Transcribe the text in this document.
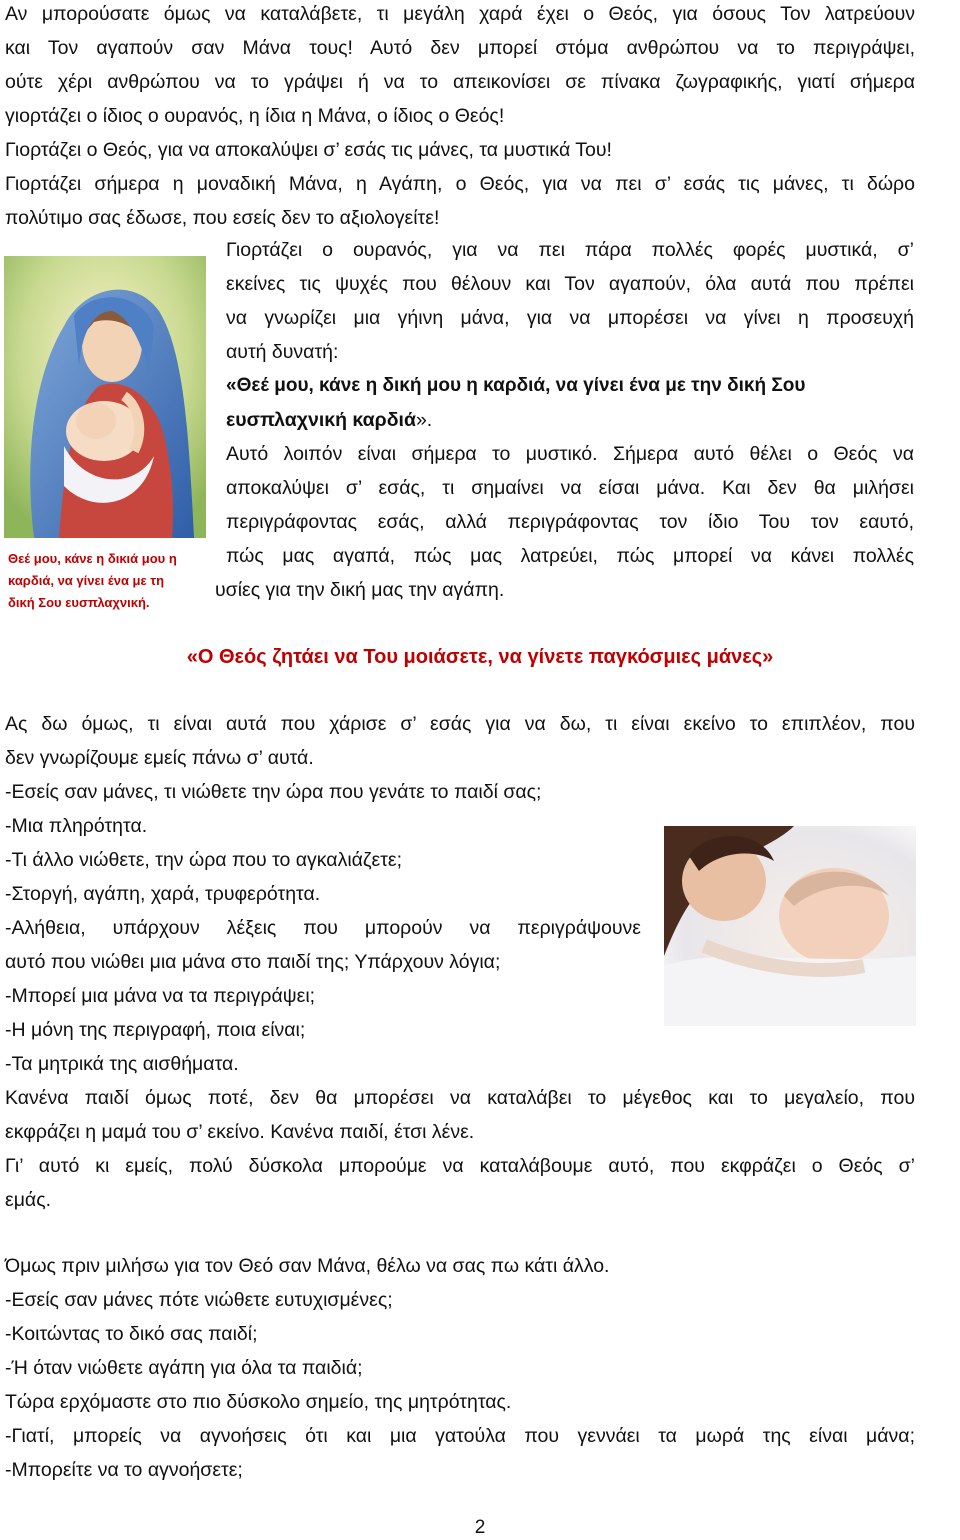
Αν μπορούσατε όμως να καταλάβετε, τι μεγάλη χαρά έχει ο Θεός, για όσους Τον λατρεύουν
και Τον αγαπούν σαν Μάνα τους! Αυτό δεν μπορεί στόμα ανθρώπου να το περιγράψει,
ούτε χέρι ανθρώπου να το γράψει ή να το απεικονίσει σε πίνακα ζωγραφικής, γιατί σήμερα
γιορτάζει ο ίδιος ο ουρανός, η ίδια η Μάνα, ο ίδιος ο Θεός!
Γιορτάζει ο Θεός, για να αποκαλύψει σ’ εσάς τις μάνες, τα μυστικά Του!
Γιορτάζει σήμερα η μοναδική Μάνα, η Αγάπη, ο Θεός, για να πει σ’ εσάς τις μάνες, τι δώρο
πολύτιμο σας έδωσε, που εσείς δεν το αξιολογείτε!
Θεέ μου, κάνε η δικιά μου η
καρδιά, να γίνει ένα με τη
δική Σου ευσπλαχνική.
Γιορτάζει ο ουρανός, για να πει πάρα πολλές φορές μυστικά, σ’
εκείνες τις ψυχές που θέλουν και Τον αγαπούν, όλα αυτά που πρέπει
να γνωρίζει μια γήινη μάνα, για να μπορέσει να γίνει η προσευχή
αυτή δυνατή:
«Θεέ μου, κάνε η δική μου η καρδιά, να γίνει ένα με την δική Σου
ευσπλαχνική καρδιά».
Αυτό λοιπόν είναι σήμερα το μυστικό. Σήμερα αυτό θέλει ο Θεός να
αποκαλύψει σ’ εσάς, τι σημαίνει να είσαι μάνα. Και δεν θα μιλήσει
περιγράφοντας εσάς, αλλά περιγράφοντας τον ίδιο Του τον εαυτό,
πώς μας αγαπά, πώς μας λατρεύει, πώς μπορεί να κάνει πολλές
υσίες για την δική μας την αγάπη.
«Ο Θεός ζητάει να Του μοιάσετε, να γίνετε παγκόσμιες μάνες»
Ας δω όμως, τι είναι αυτά που χάρισε σ’ εσάς για να δω, τι είναι εκείνο το επιπλέον, που
δεν γνωρίζουμε εμείς πάνω σ’ αυτά.
-Εσείς σαν μάνες, τι νιώθετε την ώρα που γενάτε το παιδί σας;
-Μια πληρότητα.
-Τι άλλο νιώθετε, την ώρα που το αγκαλιάζετε;
-Στοργή, αγάπη, χαρά, τρυφερότητα.
-Αλήθεια, υπάρχουν λέξεις που μπορούν να περιγράψουνε
αυτό που νιώθει μια μάνα στο παιδί της; Υπάρχουν λόγια;
-Μπορεί μια μάνα να τα περιγράψει;
-Η μόνη της περιγραφή, ποια είναι;
-Τα μητρικά της αισθήματα.
Κανένα παιδί όμως ποτέ, δεν θα μπορέσει να καταλάβει το μέγεθος και το μεγαλείο, που
εκφράζει η μαμά του σ’ εκείνο. Κανένα παιδί, έτσι λένε.
Γι’ αυτό κι εμείς, πολύ δύσκολα μπορούμε να καταλάβουμε αυτό, που εκφράζει ο Θεός σ’
εμάς.
Όμως πριν μιλήσω για τον Θεό σαν Μάνα, θέλω να σας πω κάτι άλλο.
-Εσείς σαν μάνες πότε νιώθετε ευτυχισμένες;
-Κοιτώντας το δικό σας παιδί;
-Ή όταν νιώθετε αγάπη για όλα τα παιδιά;
Τώρα ερχόμαστε στο πιο δύσκολο σημείο, της μητρότητας.
-Γιατί, μπορείς να αγνοήσεις ότι και μια γατούλα που γεννάει τα μωρά της είναι μάνα;
-Μπορείτε να το αγνοήσετε;
2
